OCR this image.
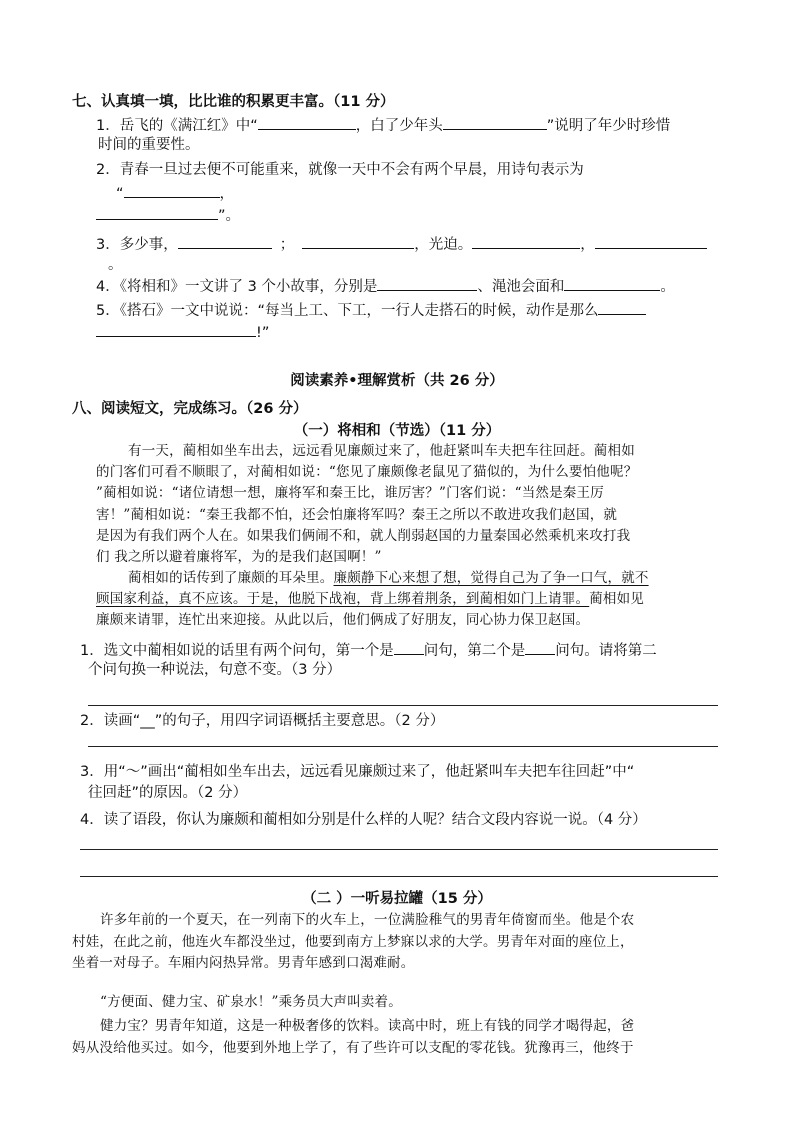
七、认真填一填，比比谁的积累更丰富。（11 分）
1．岳飞的《满江红》中“	，白了少年头	”说明了年少时珍惜
时间的重要性。
2．青春一旦过去便不可能重来，就像一天中不会有两个早晨，用诗句表示为
“	，
”。
3．多少事，	；	，光迫。	，
。
4．《将相和》一文讲了 3 个小故事，分别是	、渑池会面和	。
5．《搭石》一文中说说：“每当上工、下工，一行人走搭石的时候，动作是那么
!”
阅读素养•理解赏析（共 26 分）
八、阅读短文，完成练习。（26 分）
（一）将相和（节选）（11 分）
有一天，蔺相如坐车出去，远远看见廉颇过来了，他赶紧叫车夫把车往回赶。蔺相如
的门客们可看不顺眼了，对蔺相如说：“您见了廉颇像老鼠见了猫似的，为什么要怕他呢？
”蔺相如说：“诸位请想一想，廉将军和秦王比，谁厉害？”门客们说：“当然是秦王厉
害！”蔺相如说：“秦王我都不怕，还会怕廉将军吗？秦王之所以不敢进攻我们赵国，就
是因为有我们两个人在。如果我们俩闹不和，就人削弱赵国的力量秦国必然乘机来攻打我
们 我之所以避着廉将军，为的是我们赵国啊！”
蔺相如的话传到了廉颇的耳朵里。廉颇静下心来想了想，觉得自己为了争一口气，就不
顾国家利益，真不应该。于是，他脱下战袍，背上绑着荆条，到蔺相如门上请罪。蔺相如见
廉颇来请罪，连忙出来迎接。从此以后，他们俩成了好朋友，同心协力保卫赵国。
1．选文中蔺相如说的话里有两个问句，第一个是 问句，第二个是 问句。请将第二
个问句换一种说法，句意不变。（3 分）
2．读画“__”的句子，用四字词语概括主要意思。（2 分）
3．用“～”画出“蔺相如坐车出去，远远看见廉颇过来了，他赶紧叫车夫把车往回赶”中“
往回赶”的原因。（2 分）
4．读了语段，你认为廉颇和蔺相如分别是什么样的人呢？结合文段内容说一说。（4 分）
（二 ）一听易拉罐（15 分）
许多年前的一个夏天，在一列南下的火车上，一位满脸稚气的男青年倚窗而坐。他是个农
村娃，在此之前，他连火车都没坐过，他要到南方上梦寐以求的大学。男青年对面的座位上，
坐着一对母子。车厢内闷热异常。男青年感到口渴难耐。
“方便面、健力宝、矿泉水！”乘务员大声叫卖着。
健力宝？男青年知道，这是一种极奢侈的饮料。读高中时，班上有钱的同学才喝得起，爸
妈从没给他买过。如今，他要到外地上学了，有了些许可以支配的零花钱。犹豫再三，他终于
